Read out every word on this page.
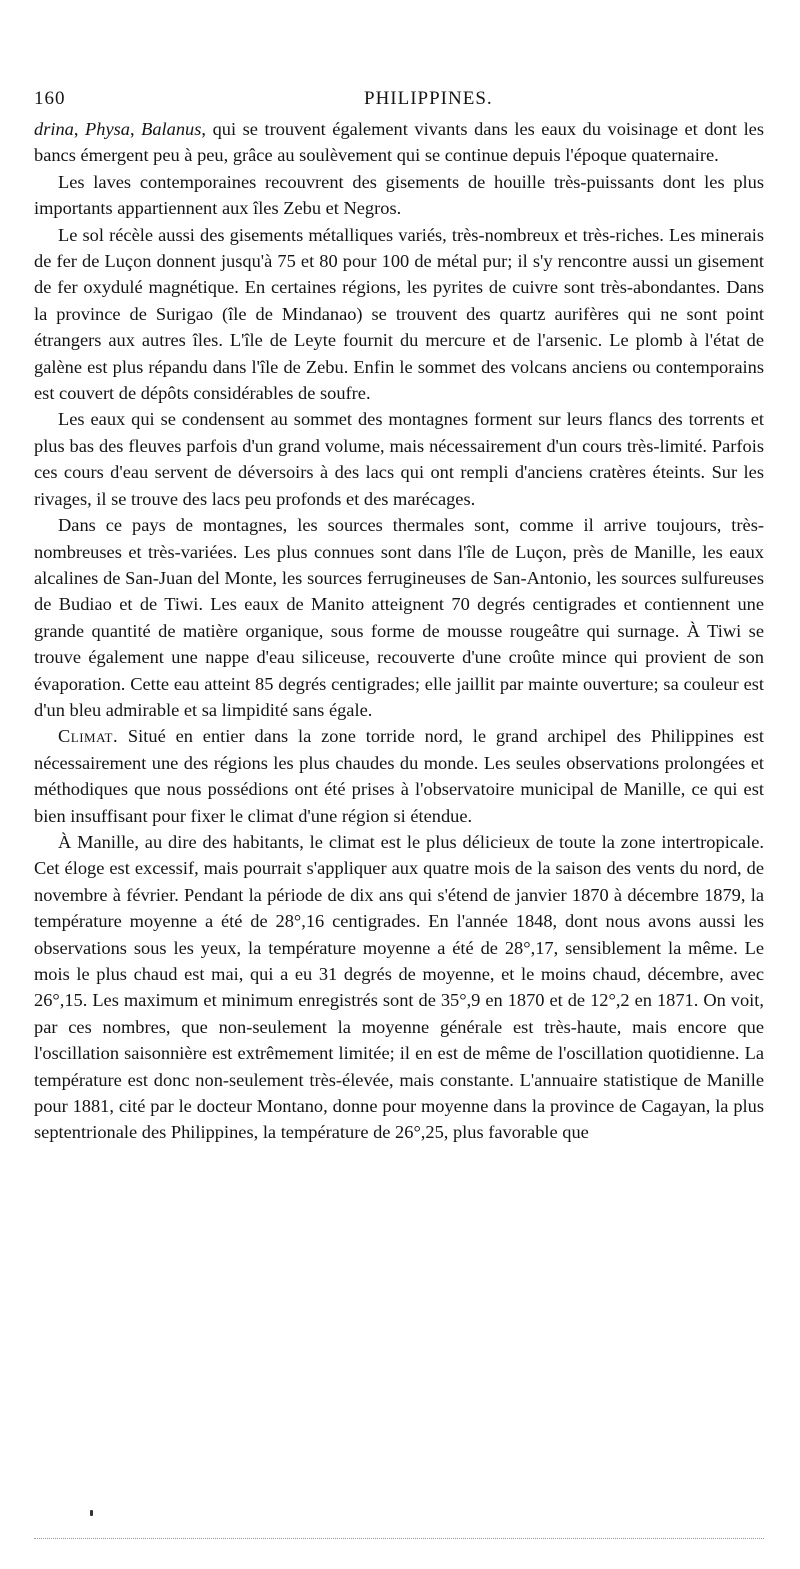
160	PHILIPPINES.

drina, Physa, Balanus, qui se trouvent également vivants dans les eaux du voisinage et dont les bancs émergent peu à peu, grâce au soulèvement qui se continue depuis l'époque quaternaire.

Les laves contemporaines recouvrent des gisements de houille très-puissants dont les plus importants appartiennent aux îles Zebu et Negros.

Le sol récèle aussi des gisements métalliques variés, très-nombreux et très-riches. Les minerais de fer de Luçon donnent jusqu'à 75 et 80 pour 100 de métal pur; il s'y rencontre aussi un gisement de fer oxydulé magnétique. En certaines régions, les pyrites de cuivre sont très-abondantes. Dans la province de Surigao (île de Mindanao) se trouvent des quartz aurifères qui ne sont point étrangers aux autres îles. L'île de Leyte fournit du mercure et de l'arsenic. Le plomb à l'état de galène est plus répandu dans l'île de Zebu. Enfin le sommet des volcans anciens ou contemporains est couvert de dépôts considérables de soufre.

Les eaux qui se condensent au sommet des montagnes forment sur leurs flancs des torrents et plus bas des fleuves parfois d'un grand volume, mais nécessairement d'un cours très-limité. Parfois ces cours d'eau servent de déversoirs à des lacs qui ont rempli d'anciens cratères éteints. Sur les rivages, il se trouve des lacs peu profonds et des marécages.

Dans ce pays de montagnes, les sources thermales sont, comme il arrive toujours, très-nombreuses et très-variées. Les plus connues sont dans l'île de Luçon, près de Manille, les eaux alcalines de San-Juan del Monte, les sources ferrugineuses de San-Antonio, les sources sulfureuses de Budiao et de Tiwi. Les eaux de Manito atteignent 70 degrés centigrades et contiennent une grande quantité de matière organique, sous forme de mousse rougeâtre qui surnage. À Tiwi se trouve également une nappe d'eau siliceuse, recouverte d'une croûte mince qui provient de son évaporation. Cette eau atteint 85 degrés centigrades; elle jaillit par mainte ouverture; sa couleur est d'un bleu admirable et sa limpidité sans égale.

Climat. Situé en entier dans la zone torride nord, le grand archipel des Philippines est nécessairement une des régions les plus chaudes du monde. Les seules observations prolongées et méthodiques que nous possédions ont été prises à l'observatoire municipal de Manille, ce qui est bien insuffisant pour fixer le climat d'une région si étendue.

À Manille, au dire des habitants, le climat est le plus délicieux de toute la zone intertropicale. Cet éloge est excessif, mais pourrait s'appliquer aux quatre mois de la saison des vents du nord, de novembre à février. Pendant la période de dix ans qui s'étend de janvier 1870 à décembre 1879, la température moyenne a été de 28°,16 centigrades. En l'année 1848, dont nous avons aussi les observations sous les yeux, la température moyenne a été de 28°,17, sensiblement la même. Le mois le plus chaud est mai, qui a eu 31 degrés de moyenne, et le moins chaud, décembre, avec 26°,15. Les maximum et minimum enregistrés sont de 35°,9 en 1870 et de 12°,2 en 1871. On voit, par ces nombres, que non-seulement la moyenne générale est très-haute, mais encore que l'oscillation saisonnière est extrêmement limitée; il en est de même de l'oscillation quotidienne. La température est donc non-seulement très-élevée, mais constante. L'annuaire statistique de Manille pour 1881, cité par le docteur Montano, donne pour moyenne dans la province de Cagayan, la plus septentrionale des Philippines, la température de 26°,25, plus favorable que
